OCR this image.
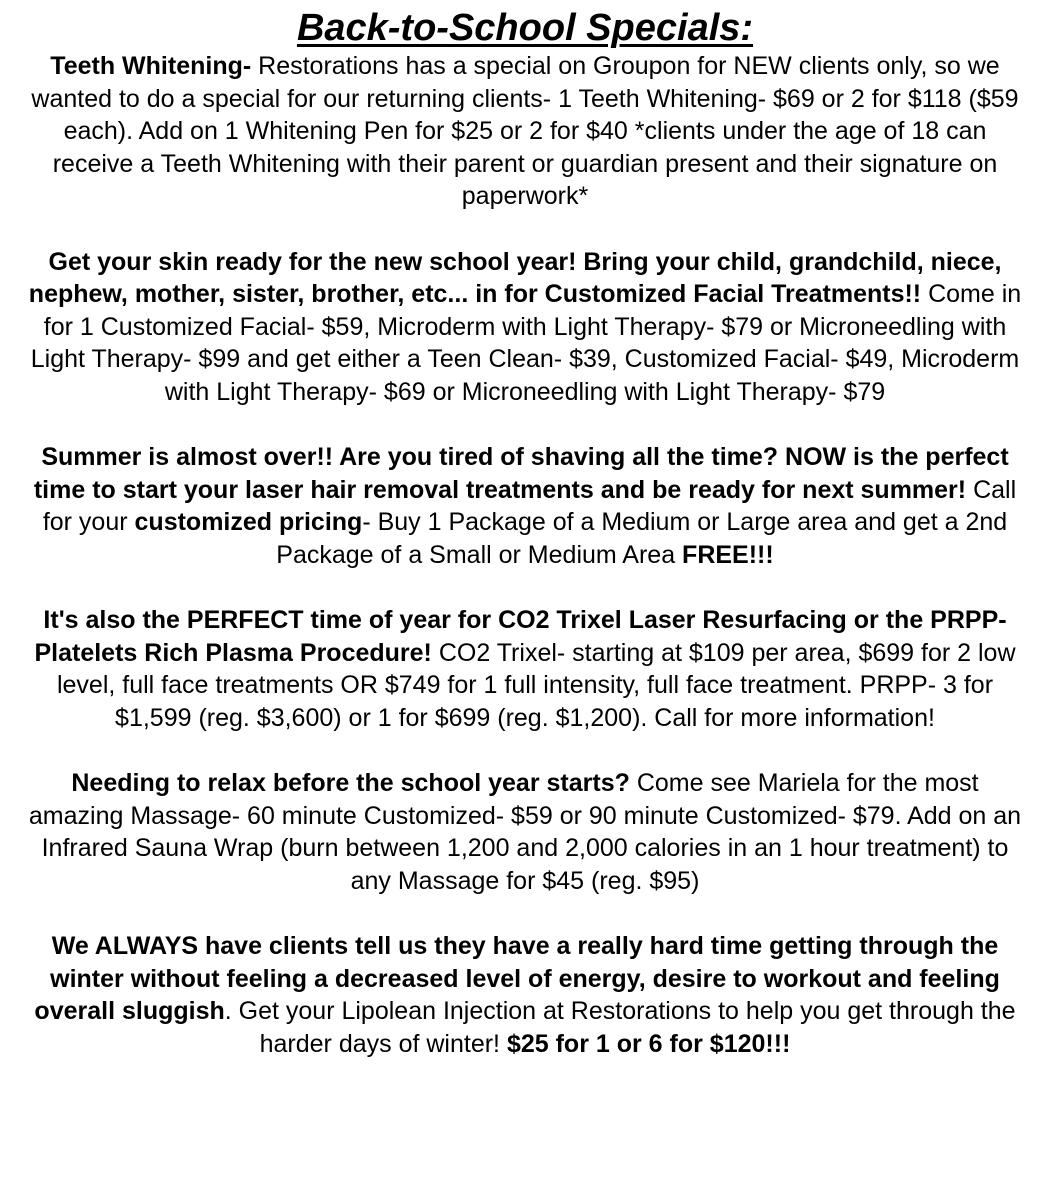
Back-to-School Specials:

Teeth Whitening- Restorations has a special on Groupon for NEW clients only, so we wanted to do a special for our returning clients- 1 Teeth Whitening- $69 or 2 for $118 ($59 each). Add on 1 Whitening Pen for $25 or 2 for $40 *clients under the age of 18 can receive a Teeth Whitening with their parent or guardian present and their signature on paperwork*

Get your skin ready for the new school year! Bring your child, grandchild, niece, nephew, mother, sister, brother, etc... in for Customized Facial Treatments!! Come in for 1 Customized Facial- $59, Microderm with Light Therapy- $79 or Microneedling with Light Therapy- $99 and get either a Teen Clean- $39, Customized Facial- $49, Microderm with Light Therapy- $69 or Microneedling with Light Therapy- $79

Summer is almost over!! Are you tired of shaving all the time? NOW is the perfect time to start your laser hair removal treatments and be ready for next summer! Call for your customized pricing- Buy 1 Package of a Medium or Large area and get a 2nd Package of a Small or Medium Area FREE!!!

It's also the PERFECT time of year for CO2 Trixel Laser Resurfacing or the PRPP- Platelets Rich Plasma Procedure! CO2 Trixel- starting at $109 per area, $699 for 2 low level, full face treatments OR $749 for 1 full intensity, full face treatment. PRPP- 3 for $1,599 (reg. $3,600) or 1 for $699 (reg. $1,200). Call for more information!

Needing to relax before the school year starts? Come see Mariela for the most amazing Massage- 60 minute Customized- $59 or 90 minute Customized- $79. Add on an Infrared Sauna Wrap (burn between 1,200 and 2,000 calories in an 1 hour treatment) to any Massage for $45 (reg. $95)

We ALWAYS have clients tell us they have a really hard time getting through the winter without feeling a decreased level of energy, desire to workout and feeling overall sluggish. Get your Lipolean Injection at Restorations to help you get through the harder days of winter! $25 for 1 or 6 for $120!!!
